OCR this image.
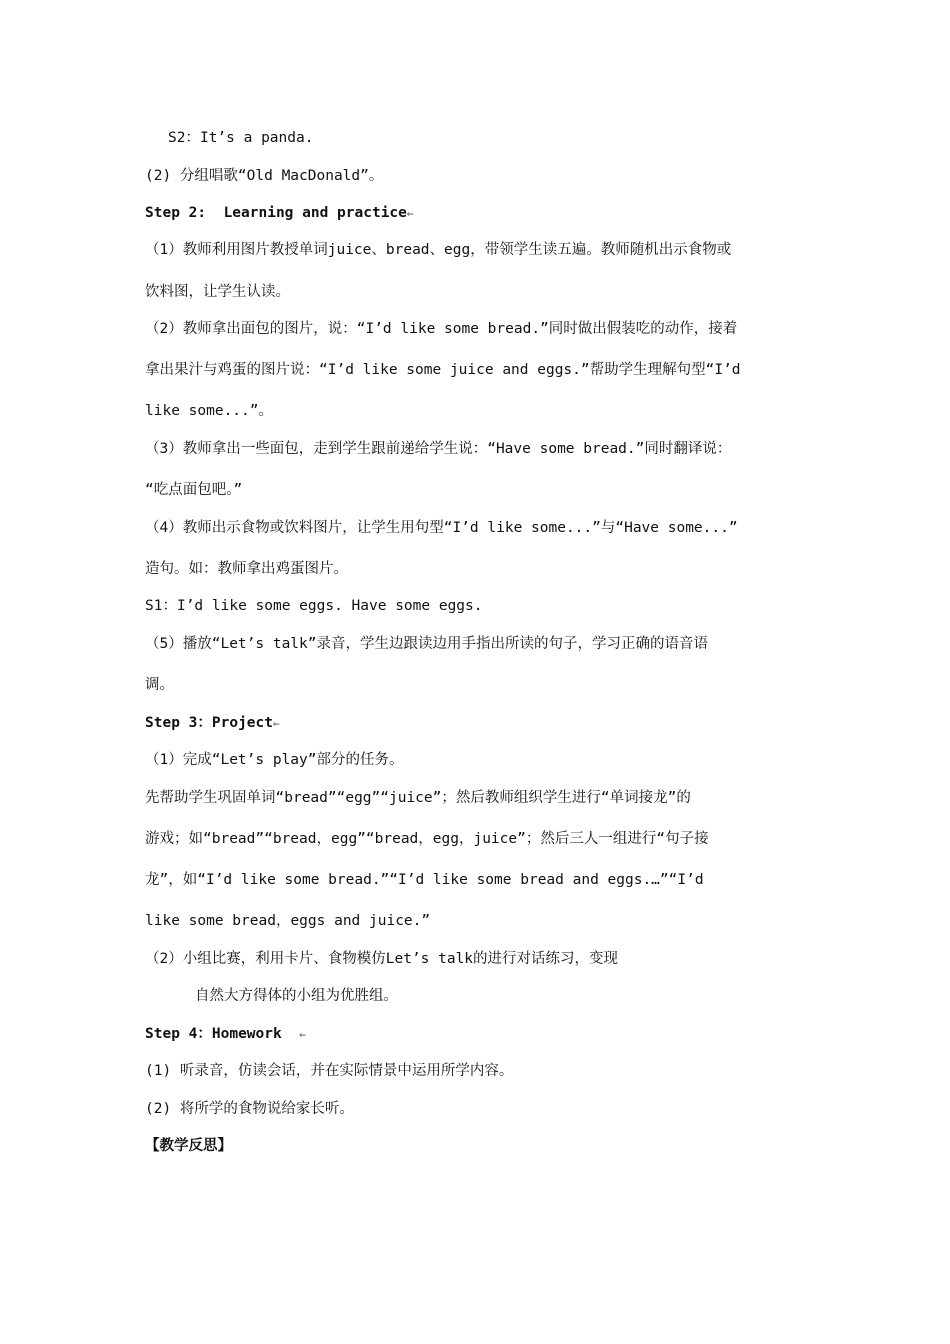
S2：It’s a panda.
(2) 分组唱歌“Old MacDonald”。
Step 2:  Learning and practice⇐
（1）教师利用图片教授单词juice、bread、egg，带领学生读五遍。教师随机出示食物或
饮料图，让学生认读。
（2）教师拿出面包的图片，说：“I’d like some bread.”同时做出假装吃的动作，接着
拿出果汁与鸡蛋的图片说：“I’d like some juice and eggs.”帮助学生理解句型“I’d
like some...”。
（3）教师拿出一些面包，走到学生跟前递给学生说：“Have some bread.”同时翻译说：
“吃点面包吧。”
（4）教师出示食物或饮料图片，让学生用句型“I’d like some...”与“Have some...”
造句。如：教师拿出鸡蛋图片。
S1：I’d like some eggs. Have some eggs.
（5）播放“Let’s talk”录音，学生边跟读边用手指出所读的句子，学习正确的语音语
调。
Step 3：Project⇐
（1）完成“Let’s play”部分的任务。
先帮助学生巩固单词“bread”“egg”“juice”；然后教师组织学生进行“单词接龙”的
游戏；如“bread”“bread，egg”“bread，egg，juice”；然后三人一组进行“句子接
龙”，如“I’d like some bread.”“I’d like some bread and eggs.…”“I’d
like some bread，eggs and juice.”
（2）小组比赛，利用卡片、食物模仿Let’s talk的进行对话练习，变现
自然大方得体的小组为优胜组。
Step 4：Homework  ⇐
(1) 听录音，仿读会话，并在实际情景中运用所学内容。
(2) 将所学的食物说给家长听。
【教学反思】
